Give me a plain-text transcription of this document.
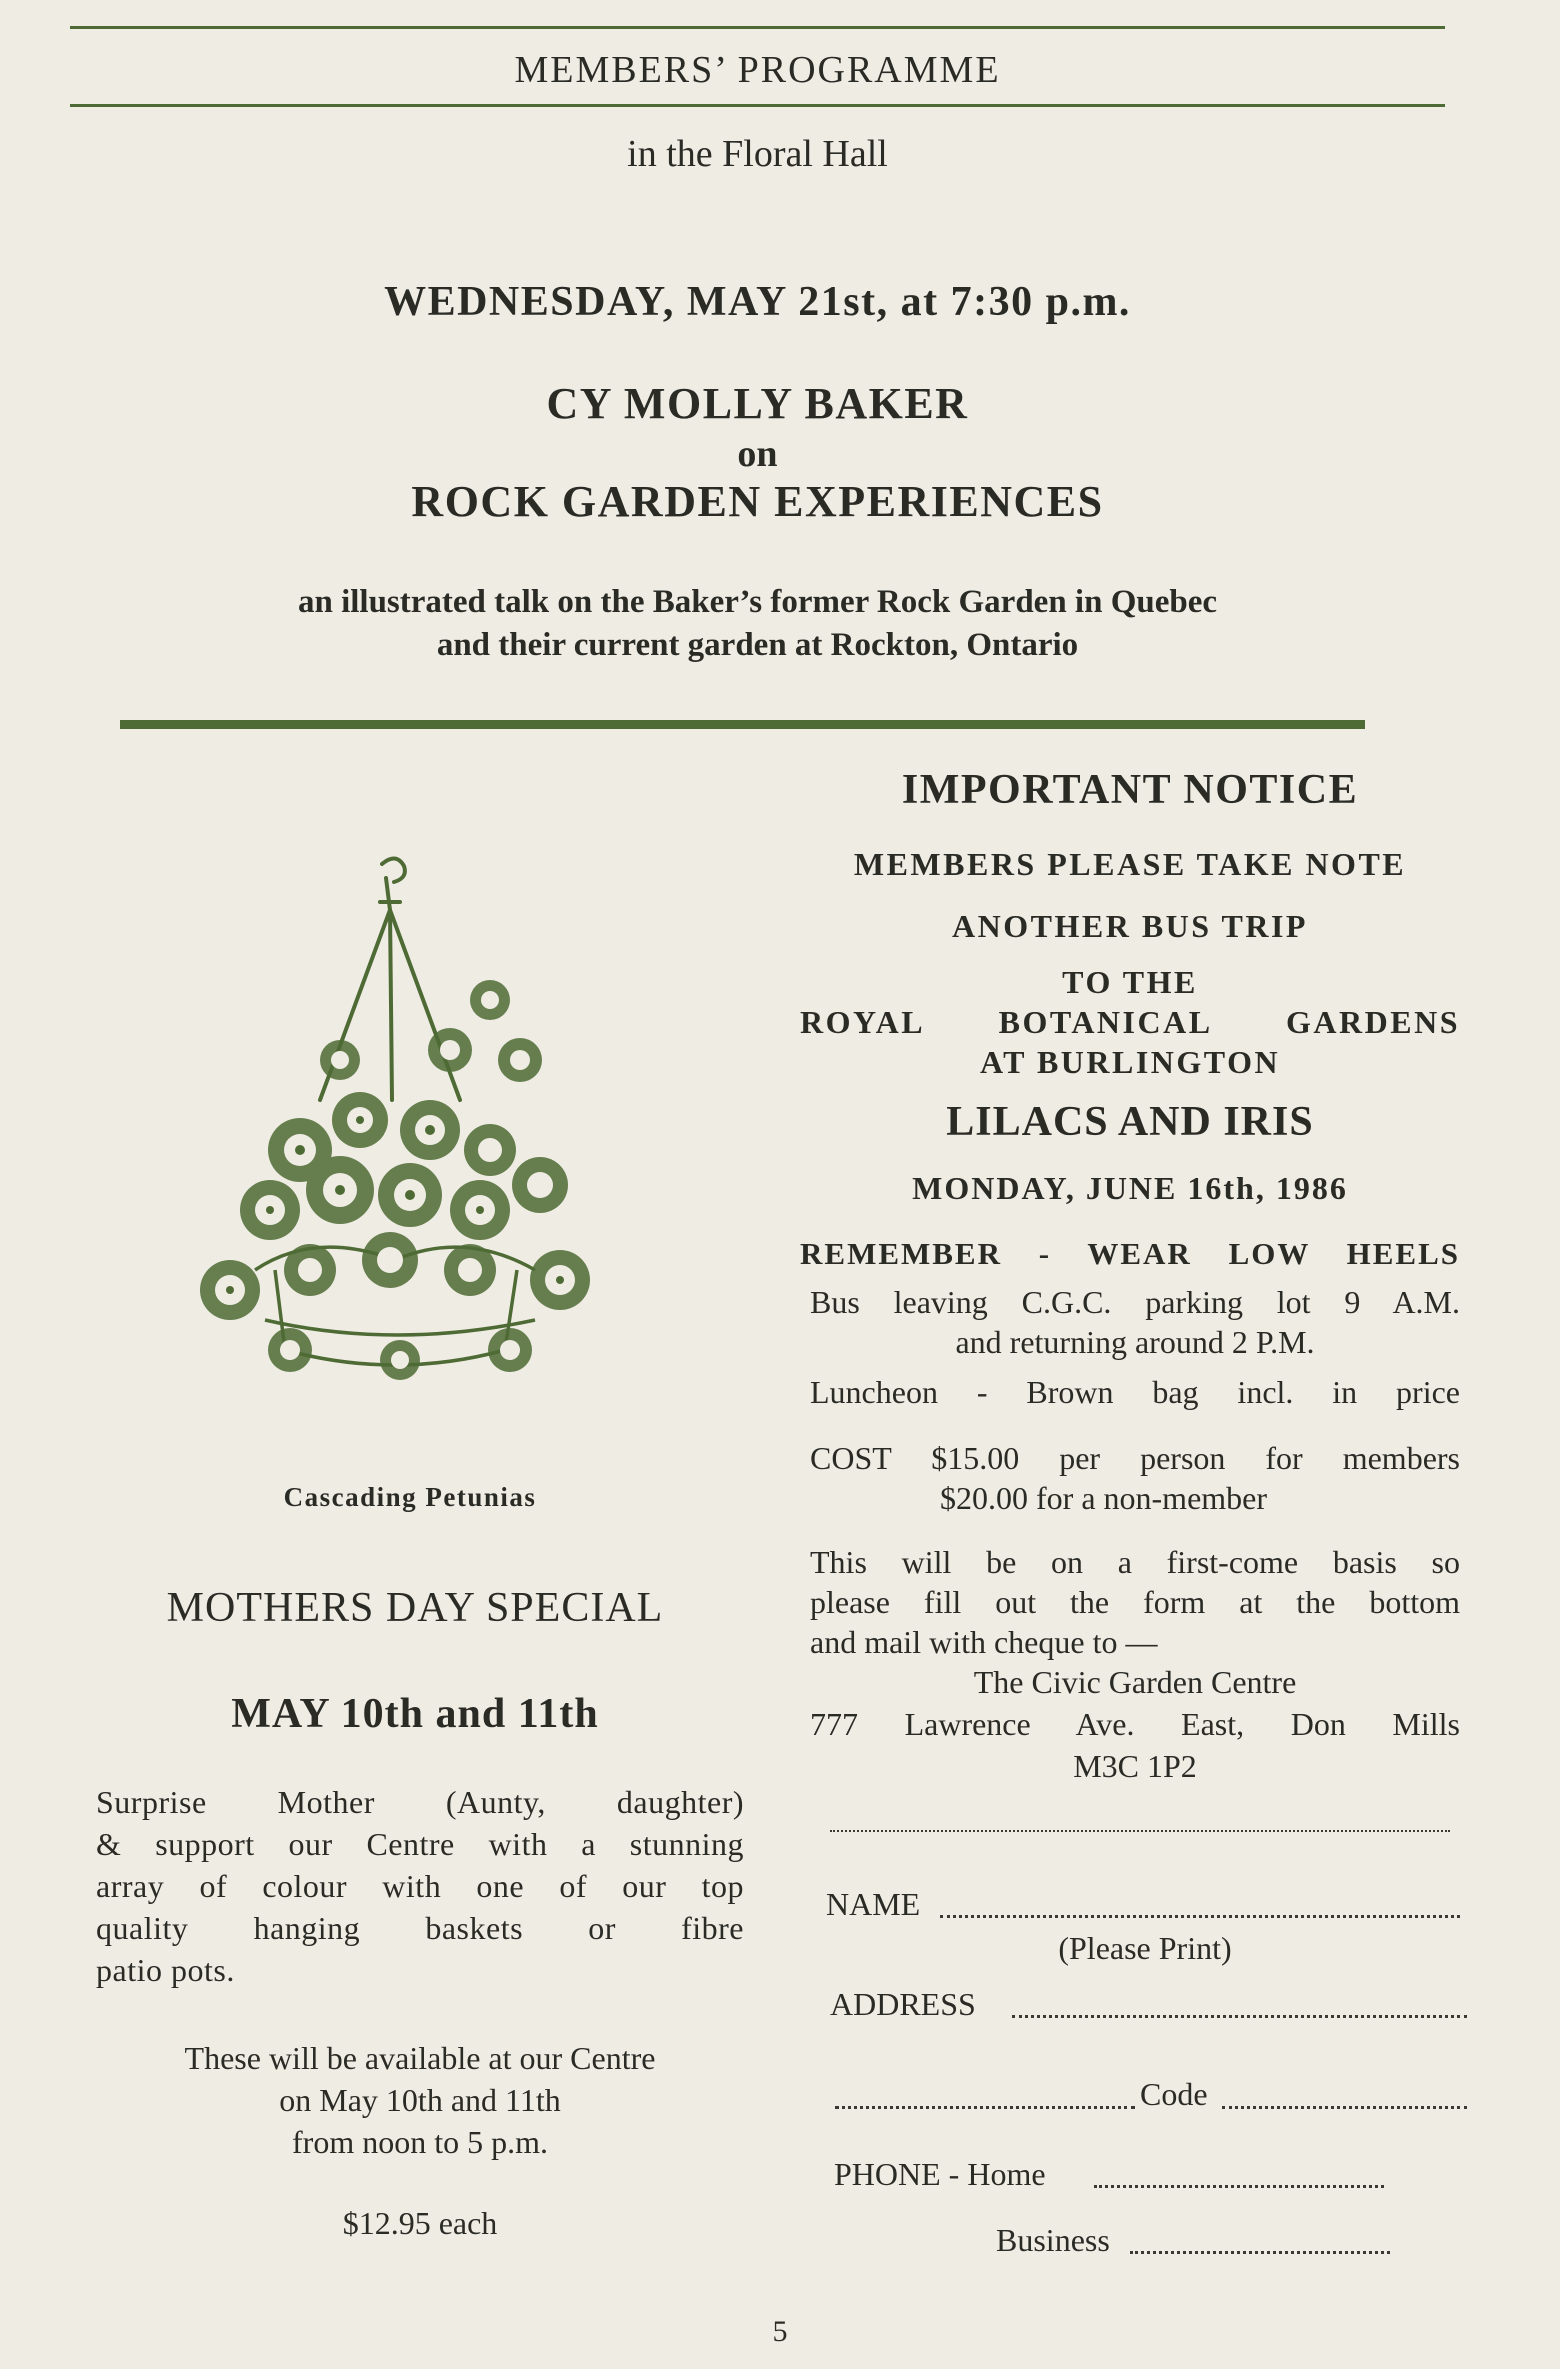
MEMBERS’ PROGRAMME
in the Floral Hall
WEDNESDAY, MAY 21st, at 7:30 p.m.
CY MOLLY BAKER
on
ROCK GARDEN EXPERIENCES
an illustrated talk on the Baker’s former Rock Garden in Quebec
and their current garden at Rockton, Ontario
Cascading Petunias
MOTHERS DAY SPECIAL
MAY 10th and 11th
Surprise Mother (Aunty, daughter)
& support our Centre with a stunning
array of colour with one of our top
quality hanging baskets or fibre
patio pots.
These will be available at our Centre
on May 10th and 11th
from noon to 5 p.m.
$12.95 each
IMPORTANT NOTICE
MEMBERS PLEASE TAKE NOTE
ANOTHER BUS TRIP
TO THE
ROYAL BOTANICAL GARDENS
AT BURLINGTON
LILACS AND IRIS
MONDAY, JUNE 16th, 1986
REMEMBER - WEAR LOW HEELS
Bus leaving C.G.C. parking lot 9 A.M.
and returning around 2 P.M.
Luncheon - Brown bag incl. in price
COST $15.00 per person for members
$20.00 for a non-member
This will be on a first-come basis so
please fill out the form at the bottom
and mail with cheque to —
The Civic Garden Centre
777 Lawrence Ave. East, Don Mills
M3C 1P2
NAME
(Please Print)
ADDRESS
Code
PHONE - Home
Business
5
